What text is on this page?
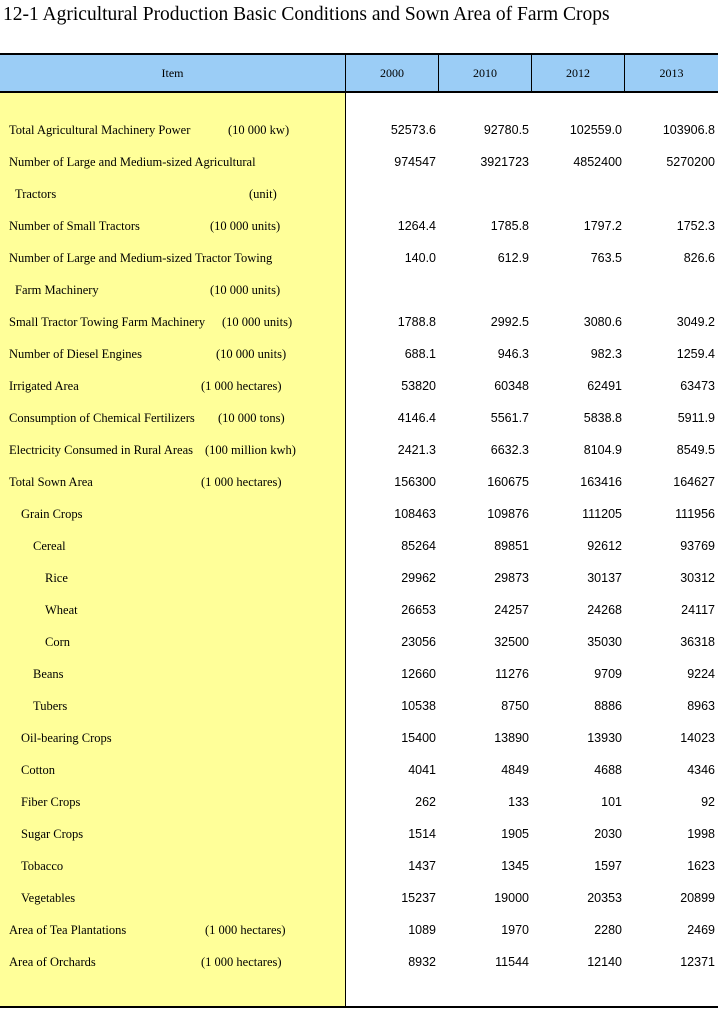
12-1 Agricultural Production Basic Conditions and Sown Area of Farm Crops
Item	2000	2010	2012	2013
Total Agricultural Machinery Power	(10 000 kw)	52573.6	92780.5	102559.0	103906.8
Number of Large and Medium-sized Agricultural	974547	3921723	4852400	5270200
Tractors	(unit)
Number of Small Tractors	(10 000 units)	1264.4	1785.8	1797.2	1752.3
Number of Large and Medium-sized Tractor Towing	140.0	612.9	763.5	826.6
Farm Machinery	(10 000 units)
Small Tractor Towing Farm Machinery (10 000 units)	1788.8	2992.5	3080.6	3049.2
Number of Diesel Engines	(10 000 units)	688.1	946.3	982.3	1259.4
Irrigated Area	(1 000 hectares)	53820	60348	62491	63473
Consumption of Chemical Fertilizers (10 000 tons)	4146.4	5561.7	5838.8	5911.9
Electricity Consumed in Rural Areas (100 million kwh)	2421.3	6632.3	8104.9	8549.5
Total Sown Area	(1 000 hectares)	156300	160675	163416	164627
Grain Crops	108463	109876	111205	111956
Cereal	85264	89851	92612	93769
Rice	29962	29873	30137	30312
Wheat	26653	24257	24268	24117
Corn	23056	32500	35030	36318
Beans	12660	11276	9709	9224
Tubers	10538	8750	8886	8963
Oil-bearing Crops	15400	13890	13930	14023
Cotton	4041	4849	4688	4346
Fiber Crops	262	133	101	92
Sugar Crops	1514	1905	2030	1998
Tobacco	1437	1345	1597	1623
Vegetables	15237	19000	20353	20899
Area of Tea Plantations	(1 000 hectares)	1089	1970	2280	2469
Area of Orchards	(1 000 hectares)	8932	11544	12140	12371
